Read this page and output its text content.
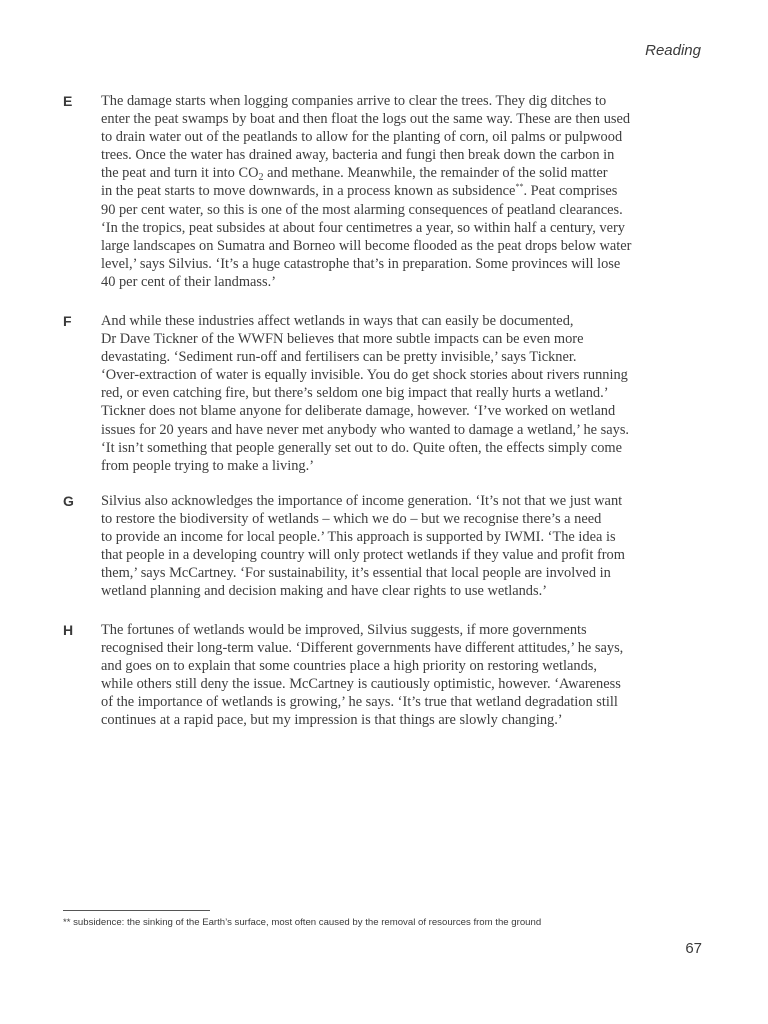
Reading
E The damage starts when logging companies arrive to clear the trees. They dig ditches to
enter the peat swamps by boat and then float the logs out the same way. These are then used
to drain water out of the peatlands to allow for the planting of corn, oil palms or pulpwood
trees. Once the water has drained away, bacteria and fungi then break down the carbon in
the peat and turn it into $CO_2$ and methane. Meanwhile, the remainder of the solid matter
in the peat starts to move downwards, in a process known as subsidence**. Peat comprises
90 per cent water, so this is one of the most alarming consequences of peatland clearances.
‘In the tropics, peat subsides at about four centimetres a year, so within half a century, very
large landscapes on Sumatra and Borneo will become flooded as the peat drops below water
level,’ says Silvius. ‘It’s a huge catastrophe that’s in preparation. Some provinces will lose
40 per cent of their landmass.’
F And while these industries affect wetlands in ways that can easily be documented,
Dr Dave Tickner of the WWFN believes that more subtle impacts can be even more
devastating. ‘Sediment run-off and fertilisers can be pretty invisible,’ says Tickner.
‘Over-extraction of water is equally invisible. You do get shock stories about rivers running
red, or even catching fire, but there’s seldom one big impact that really hurts a wetland.’
Tickner does not blame anyone for deliberate damage, however. ‘I’ve worked on wetland
issues for 20 years and have never met anybody who wanted to damage a wetland,’ he says.
‘It isn’t something that people generally set out to do. Quite often, the effects simply come
from people trying to make a living.’
G Silvius also acknowledges the importance of income generation. ‘It’s not that we just want
to restore the biodiversity of wetlands – which we do – but we recognise there’s a need
to provide an income for local people.’ This approach is supported by IWMI. ‘The idea is
that people in a developing country will only protect wetlands if they value and profit from
them,’ says McCartney. ‘For sustainability, it’s essential that local people are involved in
wetland planning and decision making and have clear rights to use wetlands.’
H The fortunes of wetlands would be improved, Silvius suggests, if more governments
recognised their long-term value. ‘Different governments have different attitudes,’ he says,
and goes on to explain that some countries place a high priority on restoring wetlands,
while others still deny the issue. McCartney is cautiously optimistic, however. ‘Awareness
of the importance of wetlands is growing,’ he says. ‘It’s true that wetland degradation still
continues at a rapid pace, but my impression is that things are slowly changing.’
** subsidence: the sinking of the Earth’s surface, most often caused by the removal of resources from the ground
67
